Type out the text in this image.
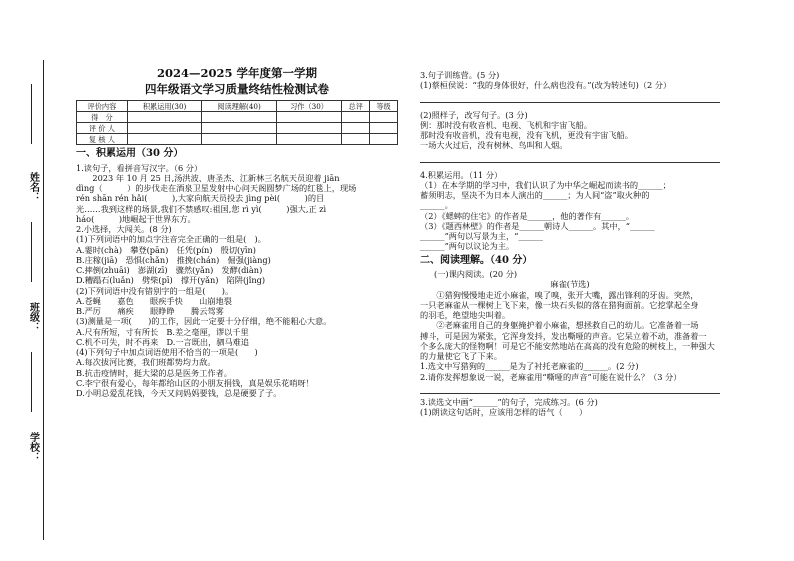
姓名：
班级：
学校：
2024—2025 学年度第一学期
四年级语文学习质量终结性检测试卷
评价内容	积累运用(30)	阅读理解(40)	习作（30）	总评	等级
得　分					
评 价 人					
复 核 人					
一、积累运用（30 分）

1.读句子，看拼音写汉字。（6 分）

　　2023 年 10 月 25 日,汤洪波、唐圣杰、江新林三名航天员迎着 jiān

dìng（　　　）的步伐走在酒泉卫星发射中心问天阁圆梦广场的红毯上，现场

rén shān rén hǎi(　　　),大家向航天员投去 jìng pèi(　　　)的目

光……我到这样的场景,我们不禁感叹:祖国,您 rì yì(　　　)强大,正 zì

háo(　　　)地崛起于世界东方。

2.小选择，大闯关。(8 分)

(1)下列词语中的加点字注音完全正确的一组是(　)。

A.霎时(chà)　攀登(pān)　任凭(pín)　殷切(yīn)

B.庄稼(jiā)　恐惧(chǎn)　推挽(chán)　倔强(jiàng)

C.摔倒(zhuāi)　澎湖(zī)　骤然(yǎn)　发酵(diàn)

D.糟蹋石(luǎn)　劈柴(pī)　撑开(yǎn)　陷阱(jǐng)

(2)下列词语中没有错别字的一组是(　　)。

A.苍蝇　　嘉色　　眼疾手快　　山崩地裂

B.严厉　　痛疾　　眼睁睁　　腾云驾雾

(3)测量是一项(　　)的工作，因此一定要十分仔细，绝不能粗心大意。

A.尺有所短，寸有所长　B.差之毫厘，谬以千里

C.机不可失，时不再来　D.一言既出，驷马难追

(4)下列句子中加点词语使用不恰当的一项是(　　)

A.每次拔河比赛，我们班都势均力敌。

B.抗击疫情时，挺大梁的总是医务工作者。

C.李宁很有爱心，每年都给山区的小朋友捐钱，真是娱乐花哨呀！

D.小明总爱乱花钱，今天又问妈妈要钱，总是硬要了子。

3.句子训练营。(5 分)

(1)蔡桓侯说：“我的身体很好，什么病也没有。”(改为转述句)（2 分）

(2)照样子，改写句子。(3 分)

例：那时没有收音机、电视、飞机和宇宙飞船。

那时没有收音机，没有电视，没有飞机，更没有宇宙飞船。

一场大火过后，没有树林、鸟叫和人烟。

4.积累运用。（11 分）

（1）在本学期的学习中，我们认识了为中华之崛起而读书的______；

蓄须明志，坚决不为日本人演出的______；为人间“盗”取火种的

______。

（2）《蟋蟀的住宅》的作者是______，他的著作有______。

（3）《题西林壁》的作者是______朝诗人______。其中，“______

______”两句以写景为主，“______

______”两句以议论为主。

二、阅读理解。（40 分）

(一)课内阅读。(20 分)

麻雀(节选)

　　①猎狗慢慢地走近小麻雀，嗅了嗅，张开大嘴，露出锋利的牙齿。突然，

一只老麻雀从一棵树上飞下来，像一块石头似的落在猎狗面前。它挖掌起全身

的羽毛，绝望地尖叫着。

　　②老麻雀用自己的身躯掩护着小麻雀，想拯救自己的幼儿。它准备着一场

搏斗，可是因为紧张，它浑身发抖，发出嘶哑的声音。它呆立着不动，准备着一

个多么庞大的怪物啊！可是它不能安然地站在高高的没有危险的树枝上，一种强大

的力量使它飞了下来。

1.选文中写猎狗的______是为了衬托老麻雀的______。(2 分)

2.请你发挥想象说一说，老麻雀用“嘶哑的声音”可能在说什么？（3 分）

3.读选文中画“______”的句子，完成练习。(6 分)

(1)朗读这句话时，应该用怎样的语气（　　）
